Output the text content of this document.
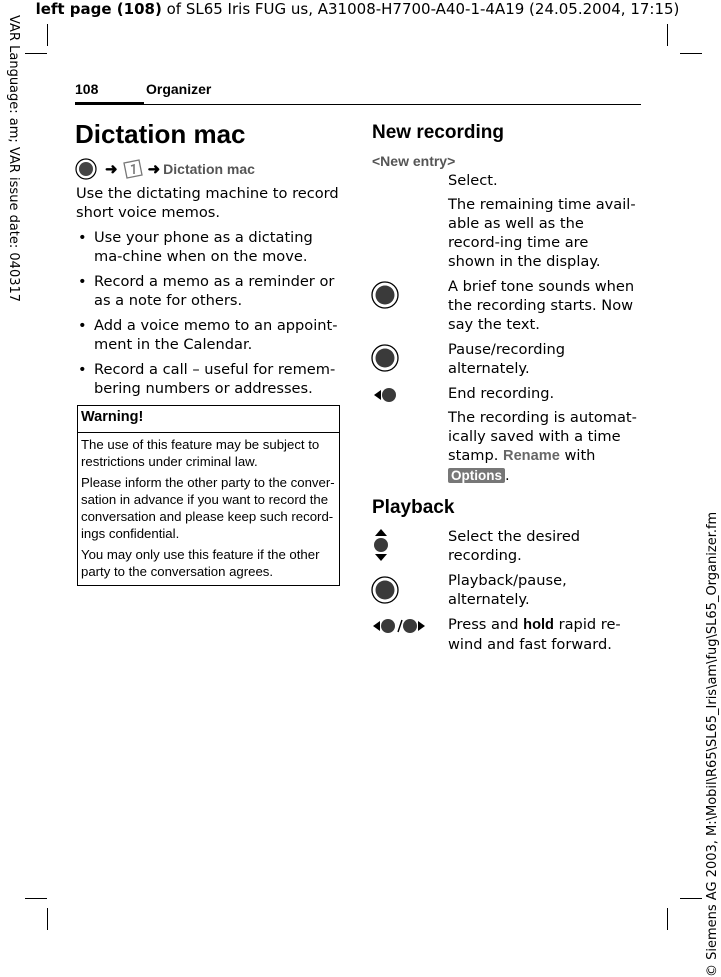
left page (108) of SL65 Iris FUG us, A31008-H7700-A40-1-4A19 (24.05.2004, 17:15)
VAR Language: am; VAR issue date: 040317
© Siemens AG 2003, M:\Mobil\R65\SL65_Iris\am\fug\SL65_Organizer.fm
108	Organizer
Dictation mac
➜ ➜ Dictation mac
Use the dictating machine to record short voice memos.
• Use your phone as a dictating ma-chine when on the move.
• Record a memo as a reminder or as a note for others.
• Add a voice memo to an appoint-ment in the Calendar.
• Record a call – useful for remem-bering numbers or addresses.
Warning!
The use of this feature may be subject to restrictions under criminal law.
Please inform the other party to the conver-sation in advance if you want to record the conversation and please keep such record-ings confidential.
You may only use this feature if the other party to the conversation agrees.
New recording
<New entry>
Select.
The remaining time avail-able as well as the record-ing time are shown in the display.
A brief tone sounds when the recording starts. Now say the text.
Pause/recording alternately.
End recording.
The recording is automat-ically saved with a time stamp. Rename with
Options .
Playback
Select the desired recording.
Playback/pause, alternately.
Press and hold rapid re-wind and fast forward.
